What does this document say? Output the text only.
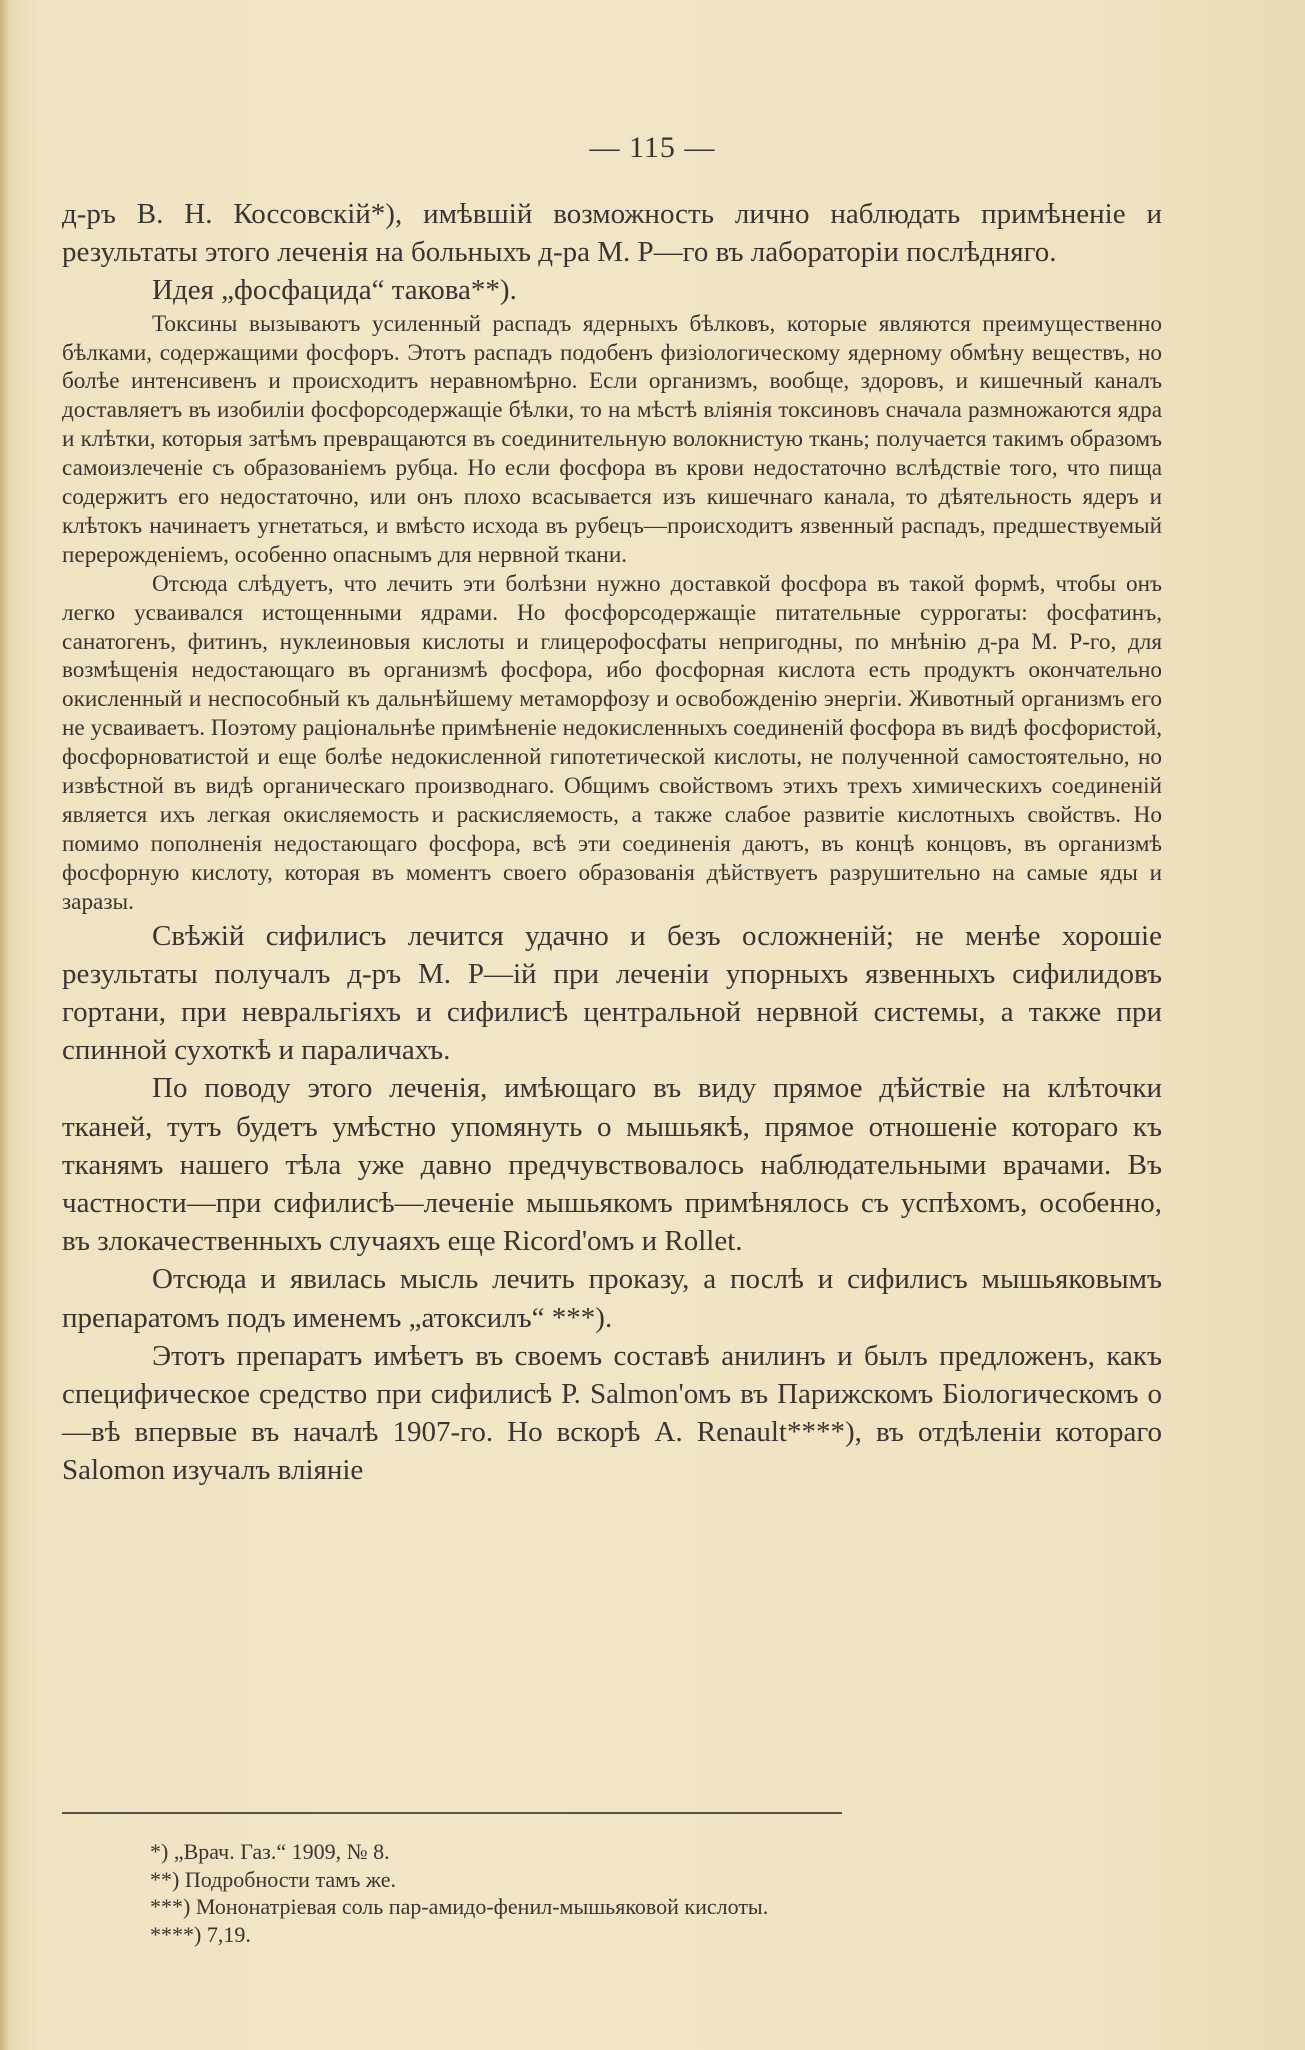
— 115 —

д-ръ В. Н. Коссовскій*), имѣвшій возможность лично наблюдать примѣненіе и результаты этого леченія на больныхъ д-ра М. Р—го въ лабораторіи послѣдняго.

Идея „фосфацида“ такова**).

Токсины вызываютъ усиленный распадъ ядерныхъ бѣлковъ, которые являются преимущественно бѣлками, содержащими фосфоръ. Этотъ распадъ подобенъ физіологическому ядерному обмѣну веществъ, но болѣе интенсивенъ и происходитъ неравномѣрно. Если организмъ, вообще, здоровъ, и кишечный каналъ доставляетъ въ изобиліи фосфорсодержащіе бѣлки, то на мѣстѣ вліянія токсиновъ сначала размножаются ядра и клѣтки, которыя затѣмъ превращаются въ соединительную волокнистую ткань; получается такимъ образомъ самоизлеченіе съ образованіемъ рубца. Но если фосфора въ крови недостаточно вслѣдствіе того, что пища содержитъ его недостаточно, или онъ плохо всасывается изъ кишечнаго канала, то дѣятельность ядеръ и клѣтокъ начинаетъ угнетаться, и вмѣсто исхода въ рубецъ—происходитъ язвенный распадъ, предшествуемый перерожденіемъ, особенно опаснымъ для нервной ткани.

Отсюда слѣдуетъ, что лечить эти болѣзни нужно доставкой фосфора въ такой формѣ, чтобы онъ легко усваивался истощенными ядрами. Но фосфорсодержащіе питательные суррогаты: фосфатинъ, санатогенъ, фитинъ, нуклеиновыя кислоты и глицерофосфаты непригодны, по мнѣнію д-ра М. Р-го, для возмѣщенія недостающаго въ организмѣ фосфора, ибо фосфорная кислота есть продуктъ окончательно окисленный и неспособный къ дальнѣйшему метаморфозу и освобожденію энергіи. Животный организмъ его не усваиваетъ. Поэтому раціональнѣе примѣненіе недокисленныхъ соединеній фосфора въ видѣ фосфористой, фосфорноватистой и еще болѣе недокисленной гипотетической кислоты, не полученной самостоятельно, но извѣстной въ видѣ органическаго производнаго. Общимъ свойствомъ этихъ трехъ химическихъ соединеній является ихъ легкая окисляемость и раскисляемость, а также слабое развитіе кислотныхъ свойствъ. Но помимо пополненія недостающаго фосфора, всѣ эти соединенія даютъ, въ концѣ концовъ, въ организмѣ фосфорную кислоту, которая въ моментъ своего образованія дѣйствуетъ разрушительно на самые яды и заразы.

Свѣжій сифилисъ лечится удачно и безъ осложненій; не менѣе хорошіе результаты получалъ д-ръ М. Р—ій при леченіи упорныхъ язвенныхъ сифилидовъ гортани, при невральгіяхъ и сифилисѣ центральной нервной системы, а также при спинной сухоткѣ и параличахъ.

По поводу этого леченія, имѣющаго въ виду прямое дѣйствіе на клѣточки тканей, тутъ будетъ умѣстно упомянуть о мышьякѣ, прямое отношеніе котораго къ тканямъ нашего тѣла уже давно предчувствовалось наблюдательными врачами. Въ частности—при сифилисѣ—леченіе мышьякомъ примѣнялось съ успѣхомъ, особенно, въ злокачественныхъ случаяхъ еще Ricord'омъ и Rollet.

Отсюда и явилась мысль лечить проказу, а послѣ и сифилисъ мышьяковымъ препаратомъ подъ именемъ „атоксилъ“ ***).

Этотъ препаратъ имѣетъ въ своемъ составѣ анилинъ и былъ предложенъ, какъ специфическое средство при сифилисѣ Р. Salmon'омъ въ Парижскомъ Біологическомъ о—вѣ впервые въ началѣ 1907-го. Но вскорѣ А. Renault****), въ отдѣленіи котораго Salomon изучалъ вліяніе

*) „Врач. Газ.“ 1909, № 8.

**) Подробности тамъ же.

***) Мононатріевая соль пар-амидо-фенил-мышьяковой кислоты.

****) 7,19.
